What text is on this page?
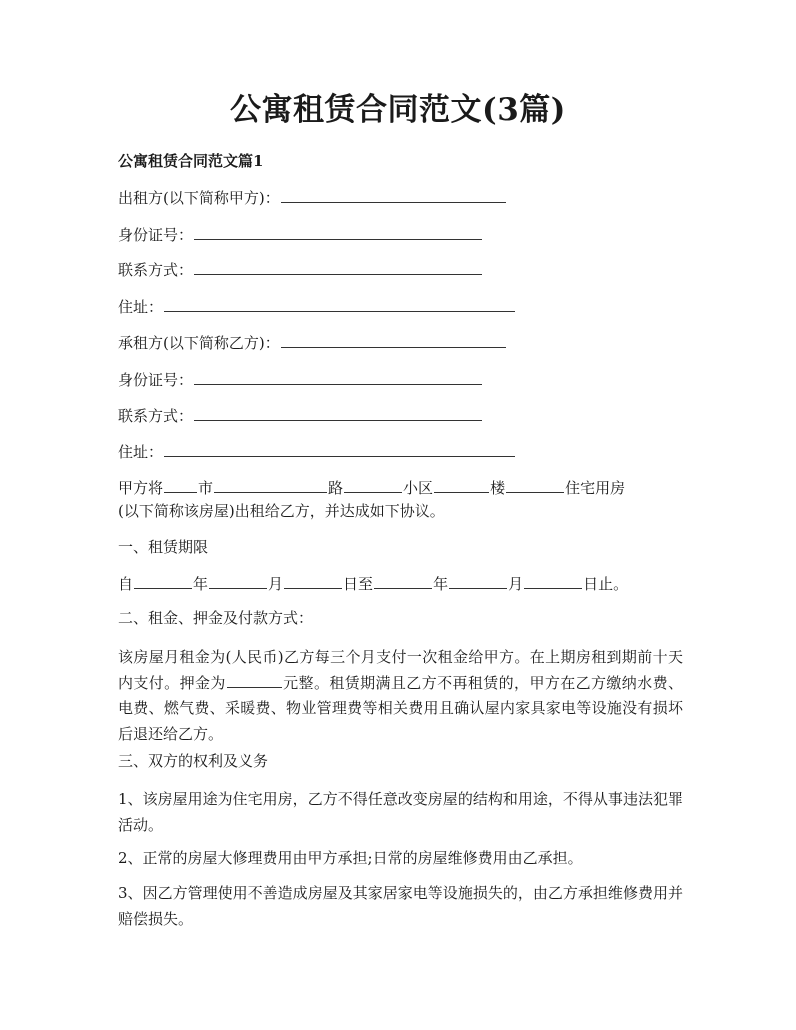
公寓租赁合同范文(3篇)
公寓租赁合同范文篇1
出租方(以下简称甲方)：
身份证号：
联系方式：
住址：
承租方(以下简称乙方)：
身份证号：
联系方式：
住址：
甲方将 市	路	小区	楼	住宅用房
(以下简称该房屋)出租给乙方，并达成如下协议。
一、租赁期限
自	年	月	日至	年	月	日止。
二、租金、押金及付款方式：
该房屋月租金为(人民币)乙方每三个月支付一次租金给甲方。在上期房租到期前十天内支付。押金为	元整。租赁期满且乙方不再租赁的，甲方在乙方缴纳水费、电费、燃气费、采暖费、物业管理费等相关费用且确认屋内家具家电等设施没有损坏后退还给乙方。
三、双方的权利及义务
1、该房屋用途为住宅用房，乙方不得任意改变房屋的结构和用途，不得从事违法犯罪活动。
2、正常的房屋大修理费用由甲方承担;日常的房屋维修费用由乙承担。
3、因乙方管理使用不善造成房屋及其家居家电等设施损失的，由乙方承担维修费用并赔偿损失。
